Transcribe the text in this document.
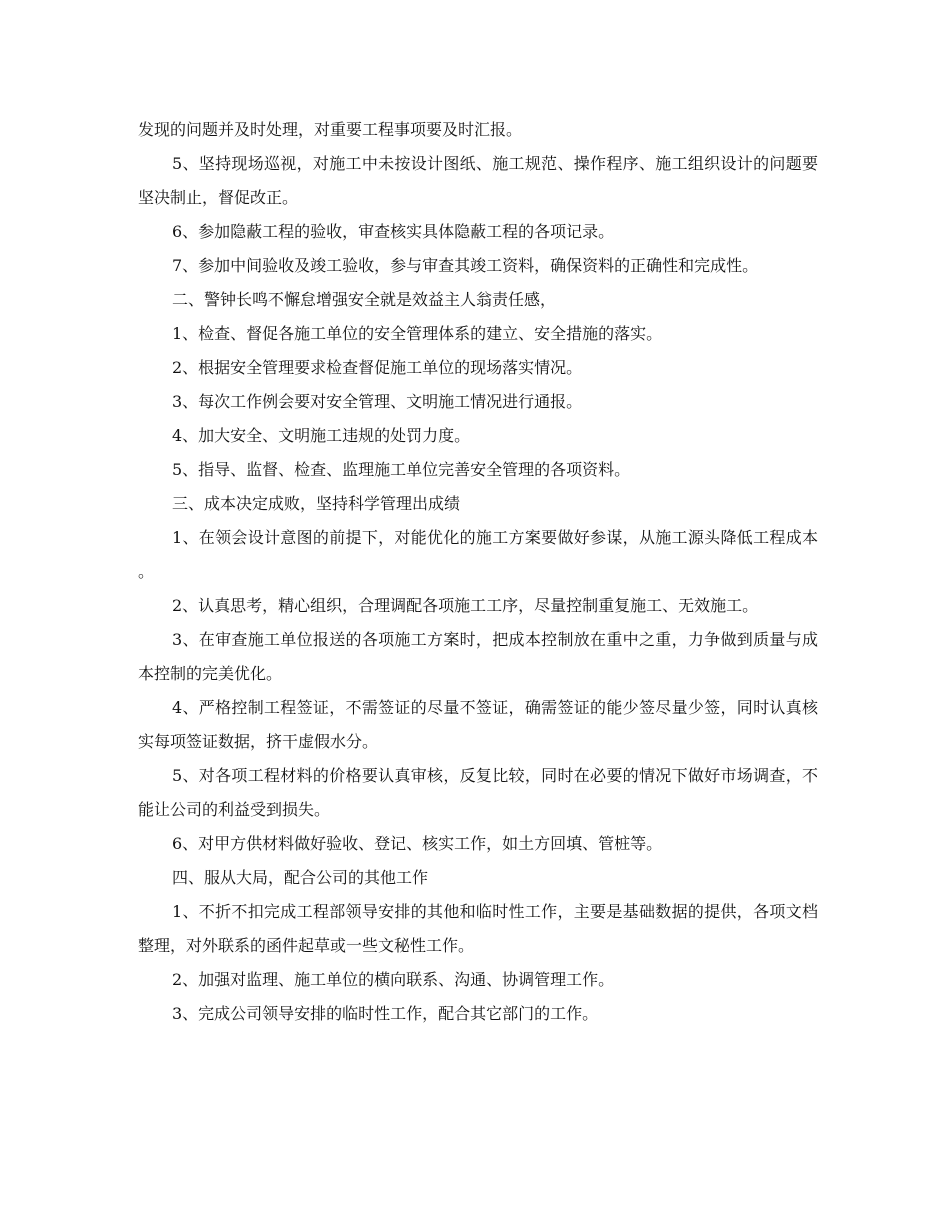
发现的问题并及时处理，对重要工程事项要及时汇报。

5、坚持现场巡视，对施工中未按设计图纸、施工规范、操作程序、施工组织设计的问题要坚决制止，督促改正。

6、参加隐蔽工程的验收，审查核实具体隐蔽工程的各项记录。

7、参加中间验收及竣工验收，参与审查其竣工资料，确保资料的正确性和完成性。

二、警钟长鸣不懈怠增强安全就是效益主人翁责任感，

1、检查、督促各施工单位的安全管理体系的建立、安全措施的落实。

2、根据安全管理要求检查督促施工单位的现场落实情况。

3、每次工作例会要对安全管理、文明施工情况进行通报。

4、加大安全、文明施工违规的处罚力度。

5、指导、监督、检查、监理施工单位完善安全管理的各项资料。

三、成本决定成败，坚持科学管理出成绩

1、在领会设计意图的前提下，对能优化的施工方案要做好参谋，从施工源头降低工程成本。

2、认真思考，精心组织，合理调配各项施工工序，尽量控制重复施工、无效施工。

3、在审查施工单位报送的各项施工方案时，把成本控制放在重中之重，力争做到质量与成本控制的完美优化。

4、严格控制工程签证，不需签证的尽量不签证，确需签证的能少签尽量少签，同时认真核实每项签证数据，挤干虚假水分。

5、对各项工程材料的价格要认真审核，反复比较，同时在必要的情况下做好市场调查，不能让公司的利益受到损失。

6、对甲方供材料做好验收、登记、核实工作，如土方回填、管桩等。

四、服从大局，配合公司的其他工作

1、不折不扣完成工程部领导安排的其他和临时性工作，主要是基础数据的提供，各项文档整理，对外联系的函件起草或一些文秘性工作。

2、加强对监理、施工单位的横向联系、沟通、协调管理工作。

3、完成公司领导安排的临时性工作，配合其它部门的工作。
